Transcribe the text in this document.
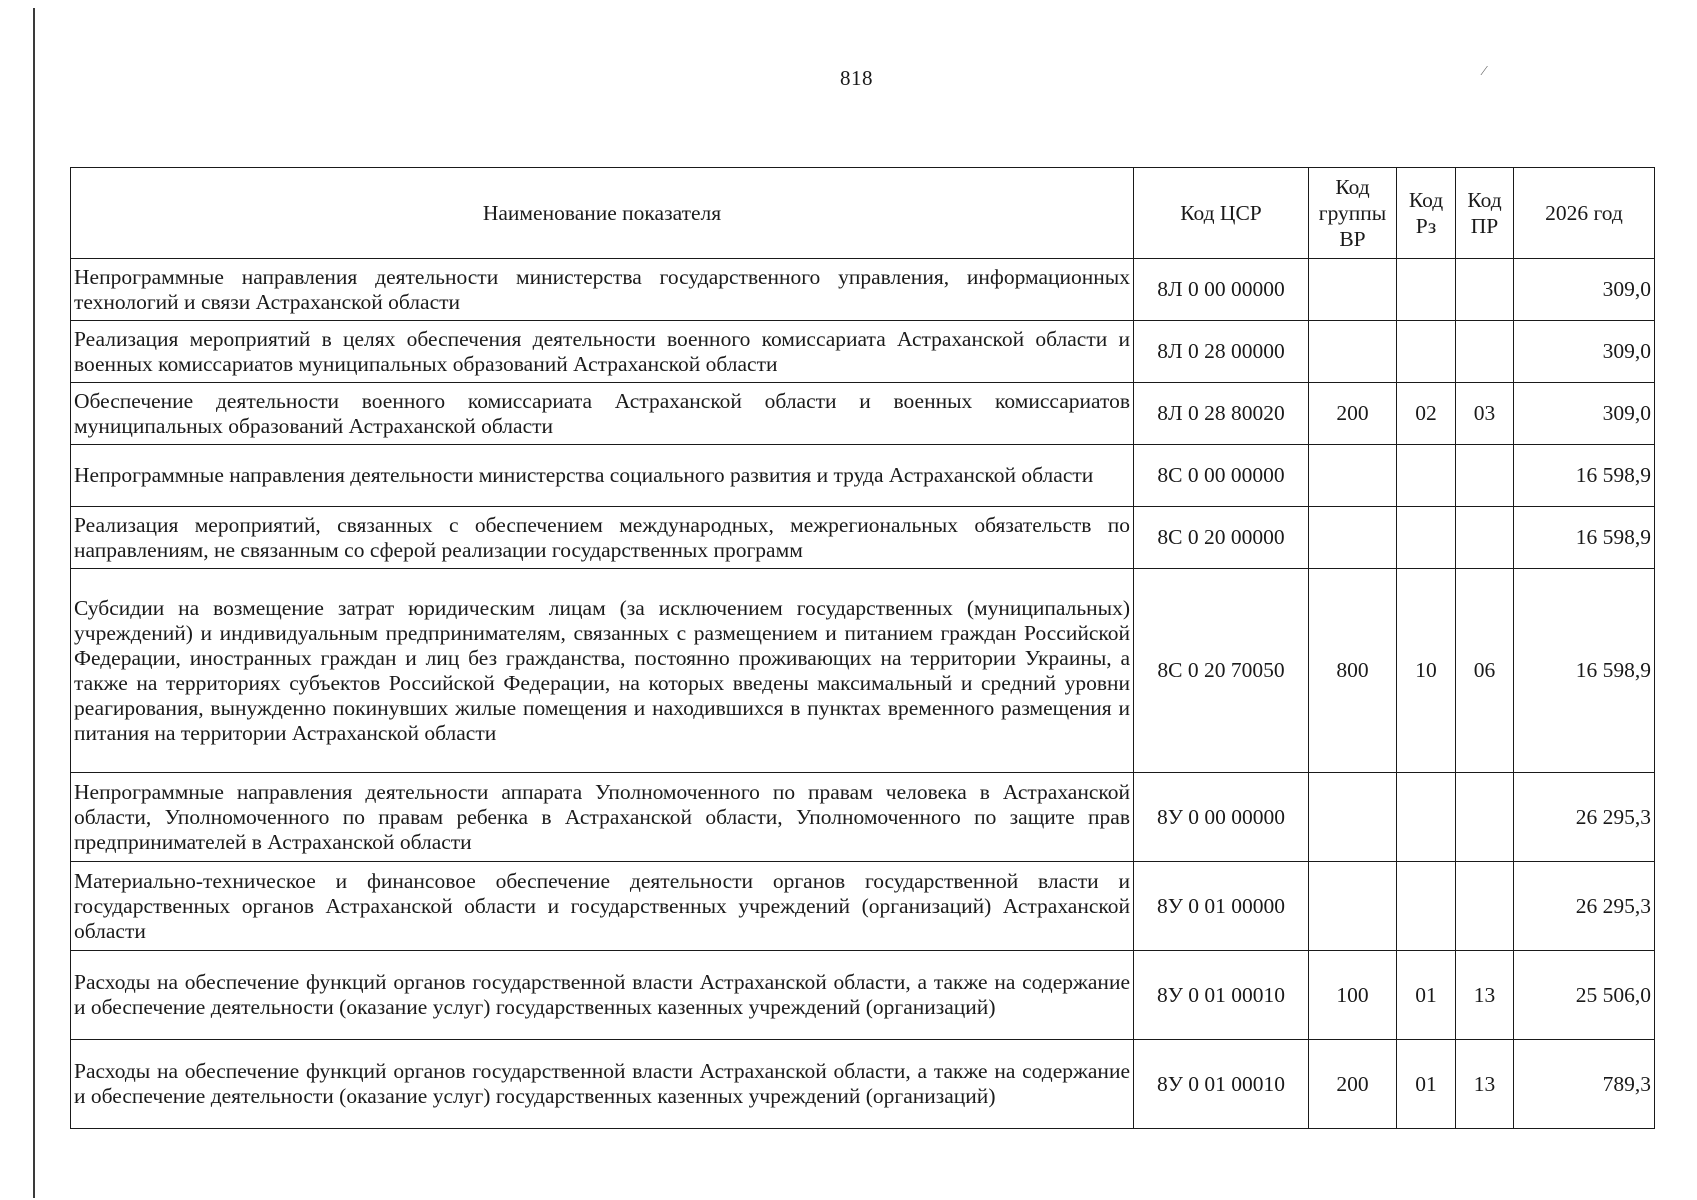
⁄
818
Наименование показателя	Код ЦСР	Код группы ВР	Код Рз	Код ПР	2026 год
Непрограммные направления деятельности министерства государственного управления, информационных технологий и связи Астраханской области	8Л 0 00 00000				309,0
Реализация мероприятий в целях обеспечения деятельности военного комиссариата Астраханской области и военных комиссариатов муниципальных образований Астраханской области	8Л 0 28 00000				309,0
Обеспечение деятельности военного комиссариата Астраханской области и военных комиссариатов муниципальных образований Астраханской области	8Л 0 28 80020	200	02	03	309,0
Непрограммные направления деятельности министерства социального развития и труда Астраханской области	8С 0 00 00000				16 598,9
Реализация мероприятий, связанных с обеспечением международных, межрегиональных обязательств по направлениям, не связанным со сферой реализации государственных программ	8С 0 20 00000				16 598,9
Субсидии на возмещение затрат юридическим лицам (за исключением государственных (муниципальных) учреждений) и индивидуальным предпринимателям, связанных с размещением и питанием граждан Российской Федерации, иностранных граждан и лиц без гражданства, постоянно проживающих на территории Украины, а также на территориях субъектов Российской Федерации, на которых введены максимальный и средний уровни реагирования, вынужденно покинувших жилые помещения и находившихся в пунктах временного размещения и питания на территории Астраханской области	8С 0 20 70050	800	10	06	16 598,9
Непрограммные направления деятельности аппарата Уполномоченного по правам человека в Астраханской области, Уполномоченного по правам ребенка в Астраханской области, Уполномоченного по защите прав предпринимателей в Астраханской области	8У 0 00 00000				26 295,3
Материально-техническое и финансовое обеспечение деятельности органов государственной власти и государственных органов Астраханской области и государственных учреждений (организаций) Астраханской области	8У 0 01 00000				26 295,3
Расходы на обеспечение функций органов государственной власти Астраханской области, а также на содержание и обеспечение деятельности (оказание услуг) государственных казенных учреждений (организаций)	8У 0 01 00010	100	01	13	25 506,0
Расходы на обеспечение функций органов государственной власти Астраханской области, а также на содержание и обеспечение деятельности (оказание услуг) государственных казенных учреждений (организаций)	8У 0 01 00010	200	01	13	789,3
